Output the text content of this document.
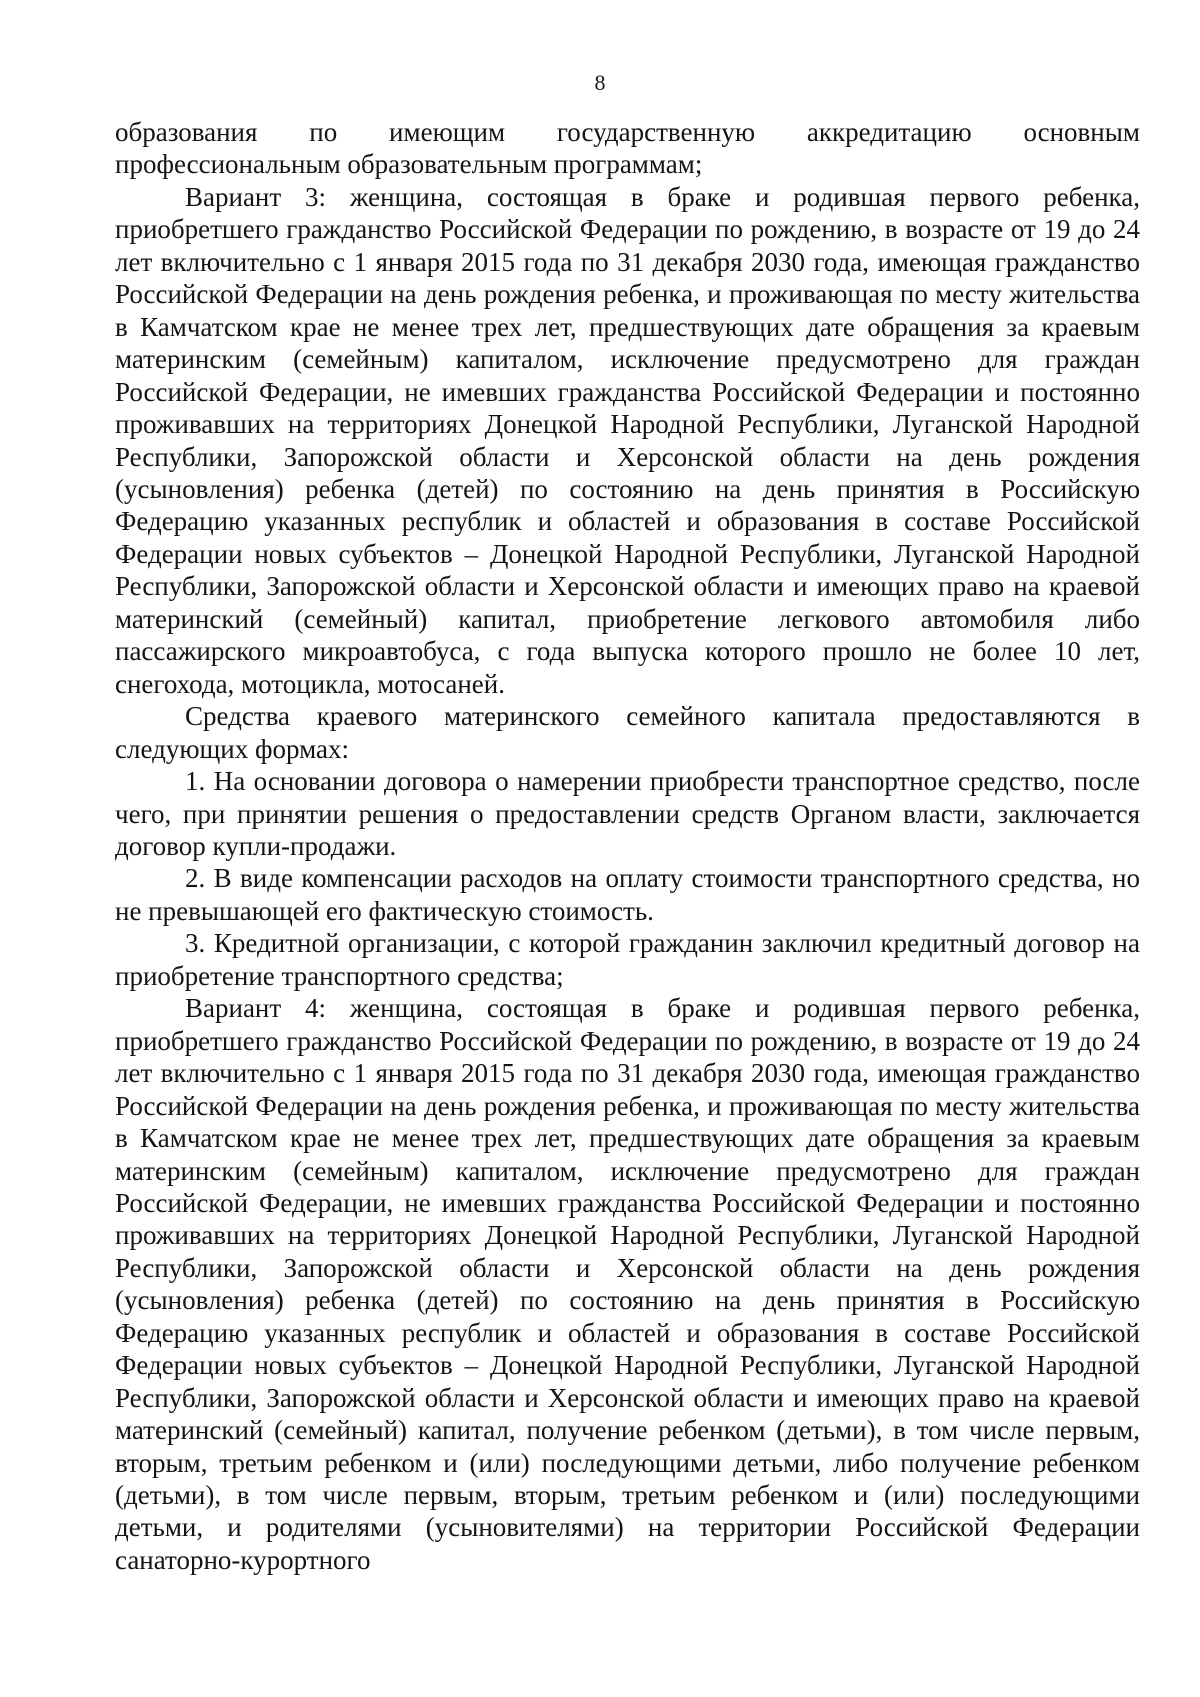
8

образования по имеющим государственную аккредитацию основным профессиональным образовательным программам;

Вариант 3: женщина, состоящая в браке и родившая первого ребенка, приобретшего гражданство Российской Федерации по рождению, в возрасте от 19 до 24 лет включительно с 1 января 2015 года по 31 декабря 2030 года, имеющая гражданство Российской Федерации на день рождения ребенка, и проживающая по месту жительства в Камчатском крае не менее трех лет, предшествующих дате обращения за краевым материнским (семейным) капиталом, исключение предусмотрено для граждан Российской Федерации, не имевших гражданства Российской Федерации и постоянно проживавших на территориях Донецкой Народной Республики, Луганской Народной Республики, Запорожской области и Херсонской области на день рождения (усыновления) ребенка (детей) по состоянию на день принятия в Российскую Федерацию указанных республик и областей и образования в составе Российской Федерации новых субъектов – Донецкой Народной Республики, Луганской Народной Республики, Запорожской области и Херсонской области и имеющих право на краевой материнский (семейный) капитал, приобретение легкового автомобиля либо пассажирского микроавтобуса, с года выпуска которого прошло не более 10 лет, снегохода, мотоцикла, мотосаней.

Средства краевого материнского семейного капитала предоставляются в следующих формах:

1. На основании договора о намерении приобрести транспортное средство, после чего, при принятии решения о предоставлении средств Органом власти, заключается договор купли-продажи.

2. В виде компенсации расходов на оплату стоимости транспортного средства, но не превышающей его фактическую стоимость.

3. Кредитной организации, с которой гражданин заключил кредитный договор на приобретение транспортного средства;

Вариант 4: женщина, состоящая в браке и родившая первого ребенка, приобретшего гражданство Российской Федерации по рождению, в возрасте от 19 до 24 лет включительно с 1 января 2015 года по 31 декабря 2030 года, имеющая гражданство Российской Федерации на день рождения ребенка, и проживающая по месту жительства в Камчатском крае не менее трех лет, предшествующих дате обращения за краевым материнским (семейным) капиталом, исключение предусмотрено для граждан Российской Федерации, не имевших гражданства Российской Федерации и постоянно проживавших на территориях Донецкой Народной Республики, Луганской Народной Республики, Запорожской области и Херсонской области на день рождения (усыновления) ребенка (детей) по состоянию на день принятия в Российскую Федерацию указанных республик и областей и образования в составе Российской Федерации новых субъектов – Донецкой Народной Республики, Луганской Народной Республики, Запорожской области и Херсонской области и имеющих право на краевой материнский (семейный) капитал, получение ребенком (детьми), в том числе первым, вторым, третьим ребенком и (или) последующими детьми, либо получение ребенком (детьми), в том числе первым, вторым, третьим ребенком и (или) последующими детьми, и родителями (усыновителями) на территории Российской Федерации санаторно-курортного
